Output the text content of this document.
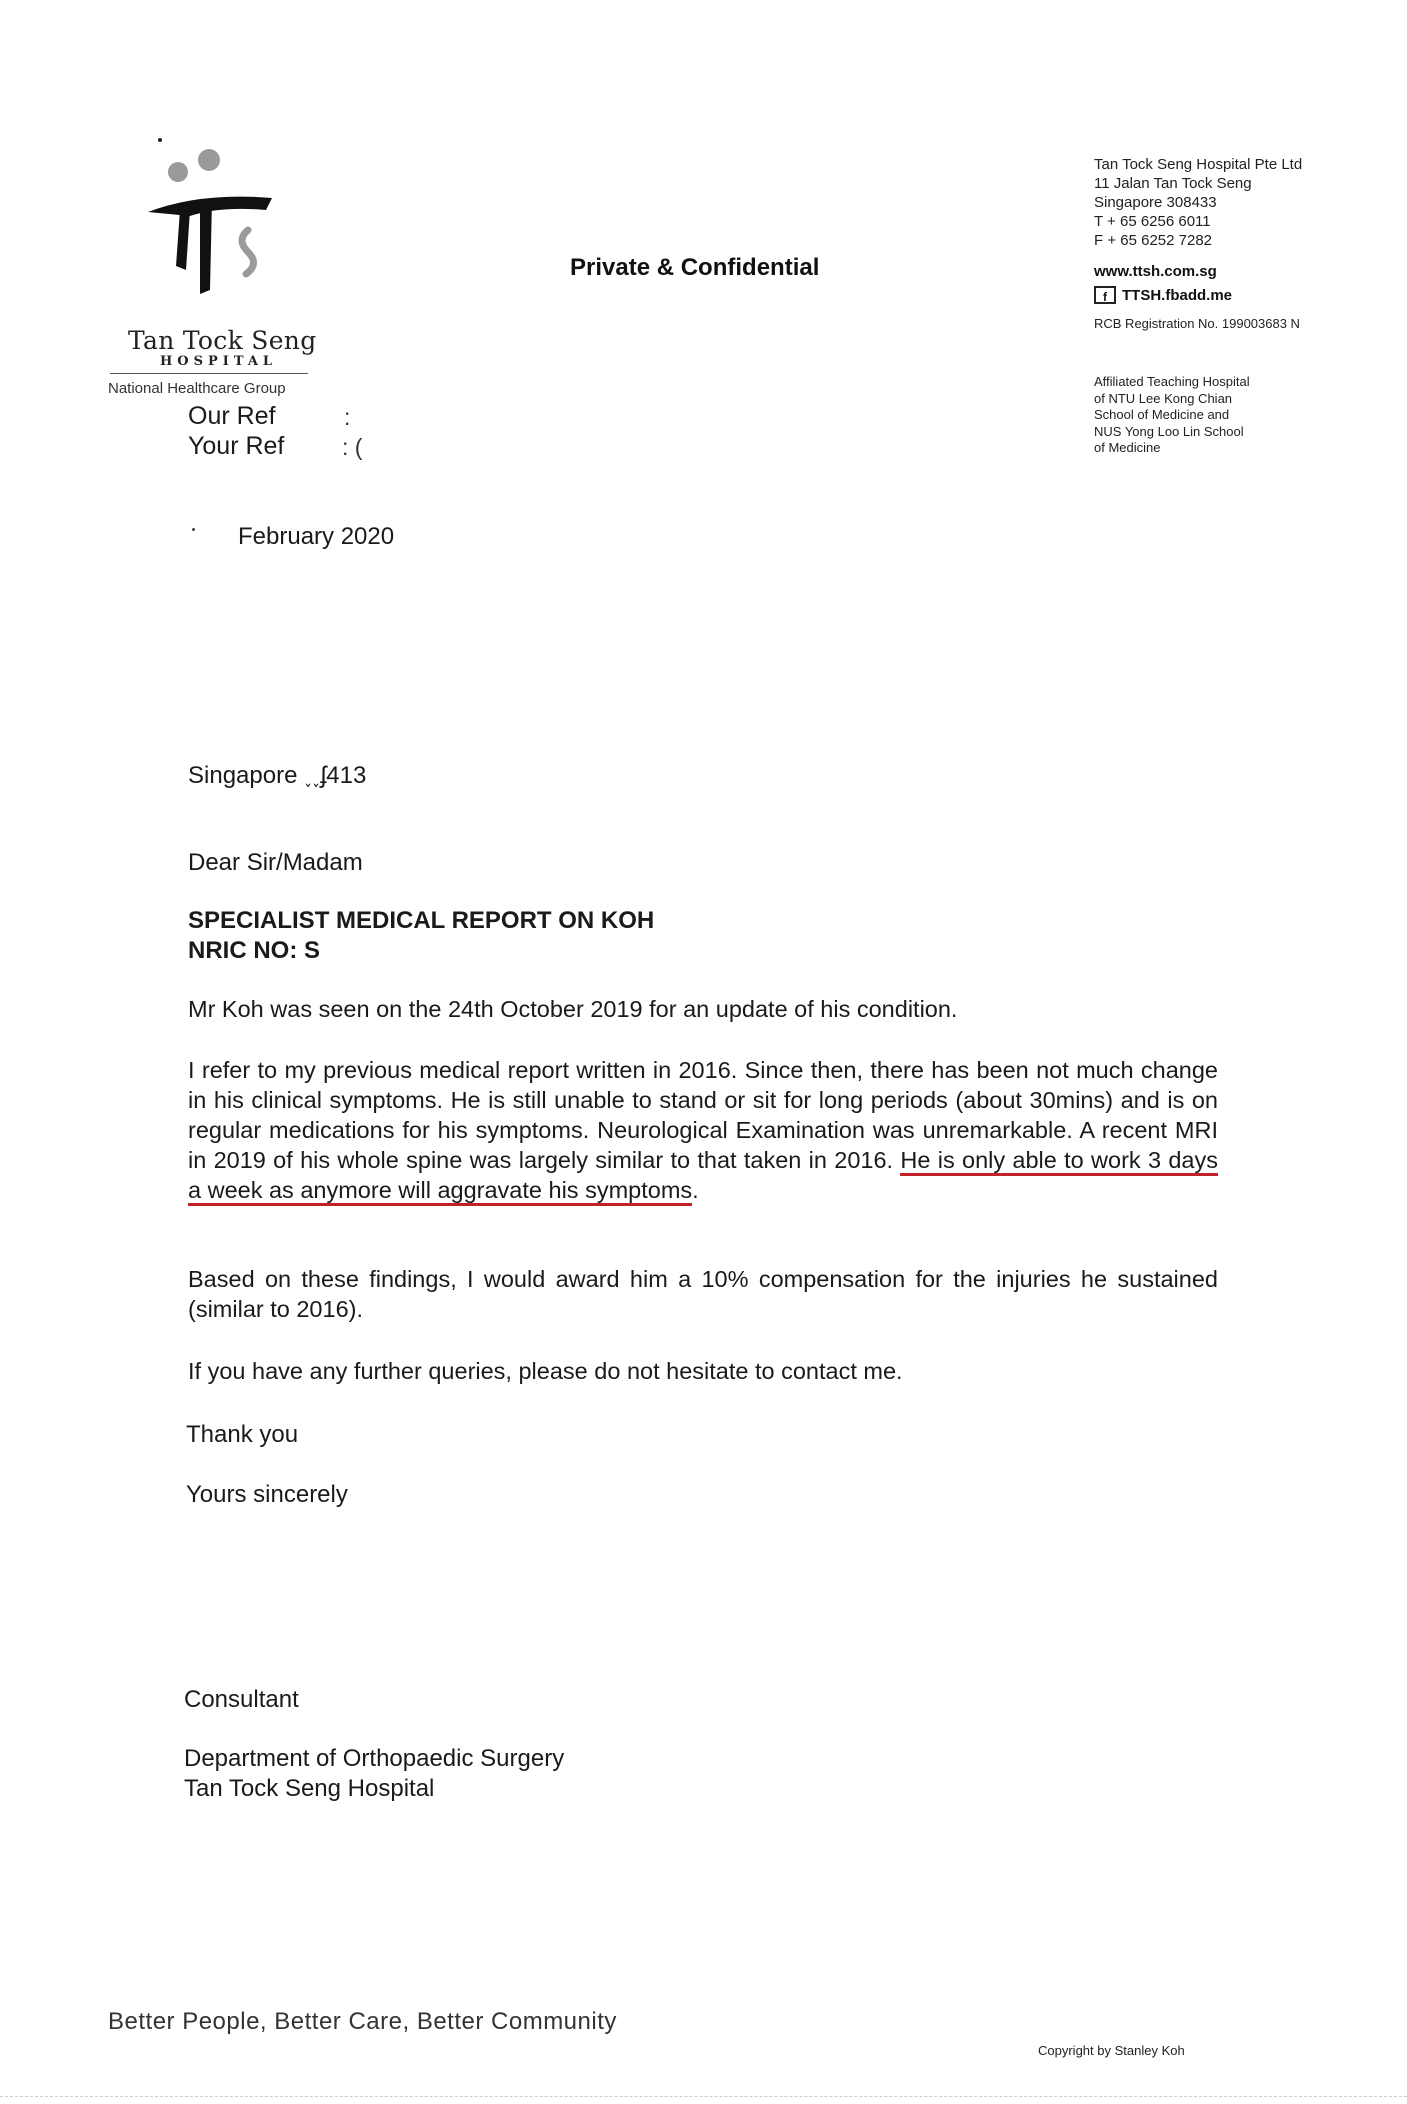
Tan Tock Seng
HOSPITAL
National Healthcare Group
Private & Confidential
Tan Tock Seng Hospital Pte Ltd
11 Jalan Tan Tock Seng
Singapore 308433
T + 65 6256 6011
F + 65 6252 7282
www.ttsh.com.sg
f	TTSH.fbadd.me
RCB Registration No. 199003683 N
Affiliated Teaching Hospital
of NTU Lee Kong Chian
School of Medicine and
NUS Yong Loo Lin School
of Medicine
Our Ref	:
Your Ref	: (
February 2020
Singapore ˯˯ʄ413
Dear Sir/Madam
SPECIALIST MEDICAL REPORT ON KOH
NRIC NO: S
Mr Koh was seen on the 24th October 2019 for an update of his condition.
I refer to my previous medical report written in 2016. Since then, there has been not much change in his clinical symptoms. He is still unable to stand or sit for long periods (about 30mins) and is on regular medications for his symptoms. Neurological Examination was unremarkable. A recent MRI in 2019 of his whole spine was largely similar to that taken in 2016. He is only able to work 3 days a week as anymore will aggravate his symptoms.
Based on these findings, I would award him a 10% compensation for the injuries he sustained (similar to 2016).
If you have any further queries, please do not hesitate to contact me.
Thank you
Yours sincerely
Consultant
Department of Orthopaedic Surgery
Tan Tock Seng Hospital
Better People, Better Care, Better Community
Copyright by Stanley Koh
